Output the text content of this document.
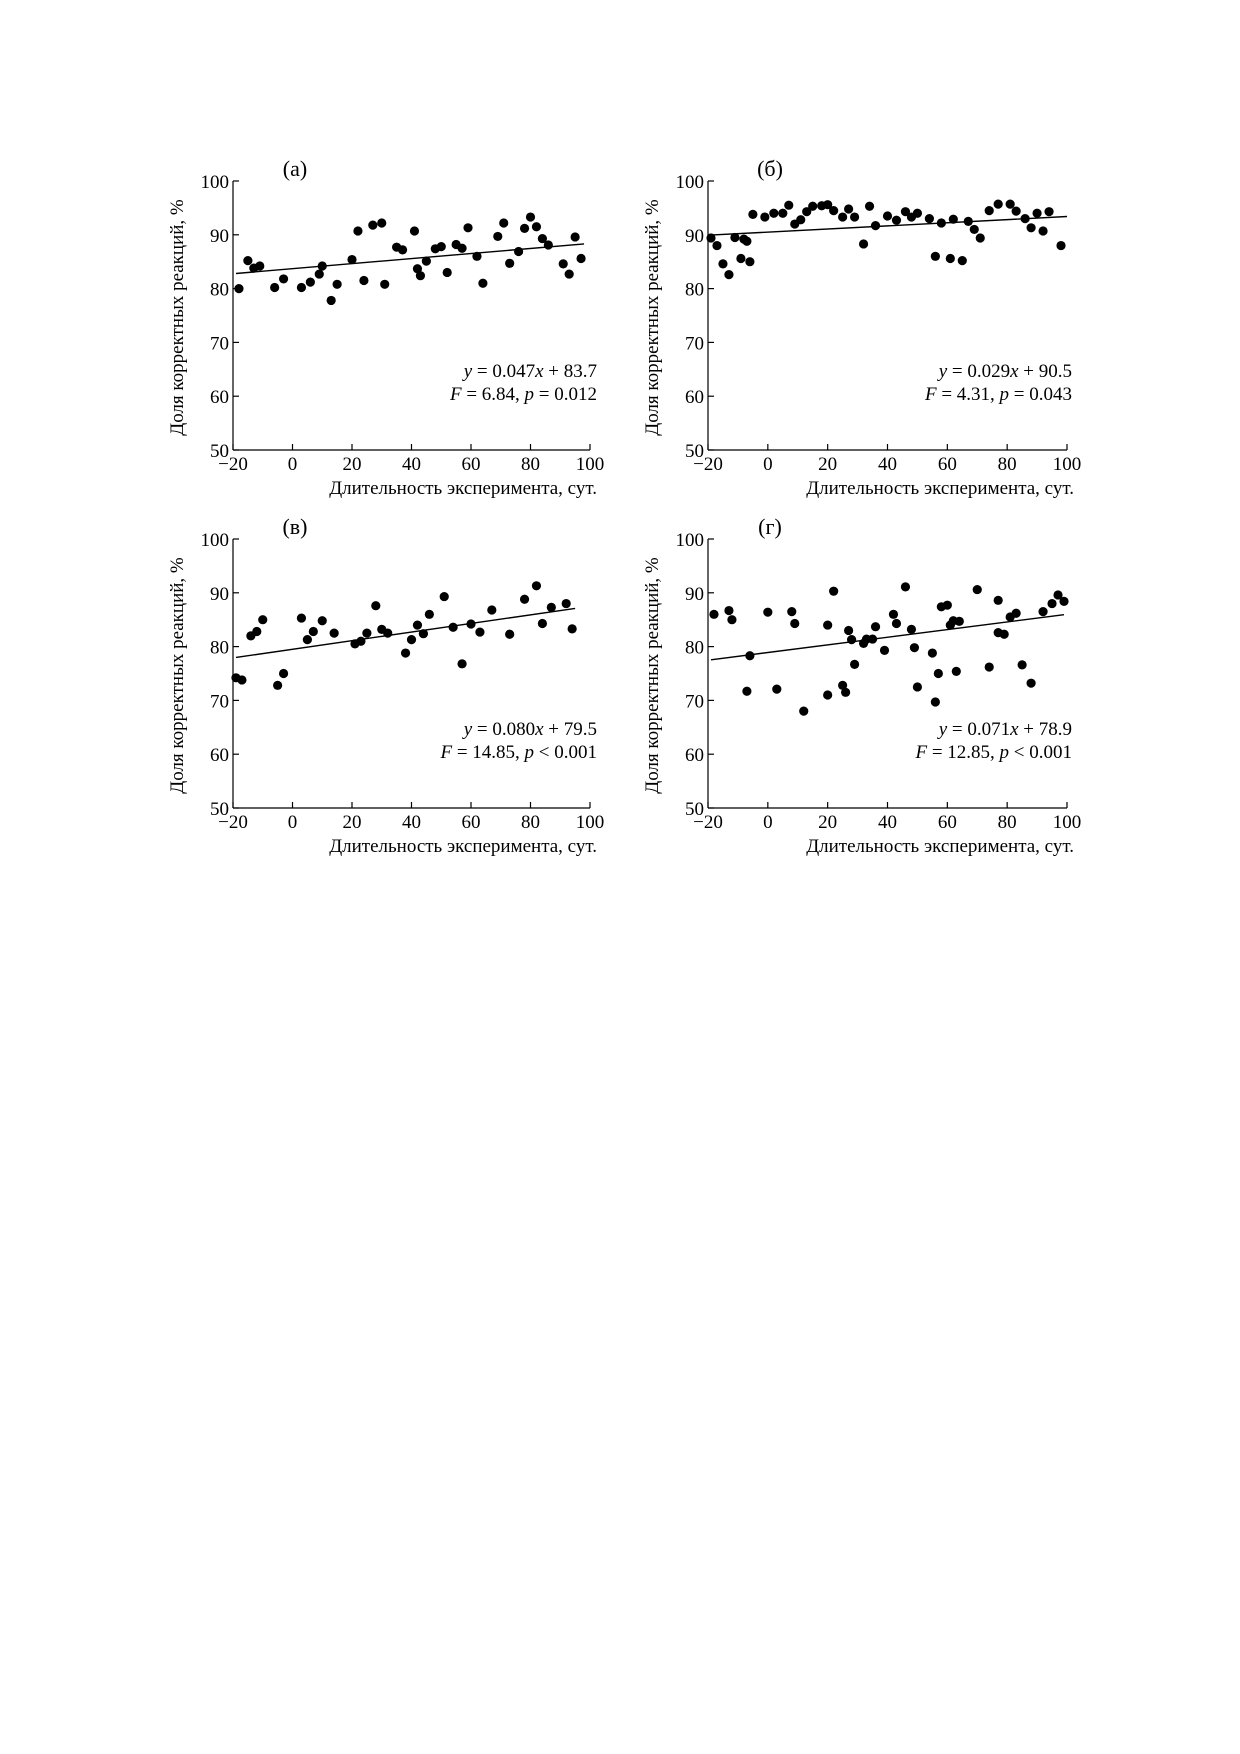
50
60
70
80
90
100
−20 0 20 40 60 80 100
Длительность эксперимента, сут.
Доля корректных реакций, %
(а)
y = 0.047x + 83.7
F = 6.84, p = 0.012
50
60
70
80
90
100
−20 0 20 40 60 80 100
Длительность эксперимента, сут.
Доля корректных реакций, %
(б)
y = 0.029x + 90.5
F = 4.31, p = 0.043
50
60
70
80
90
100
−20 0 20 40 60 80 100
Длительность эксперимента, сут.
Доля корректных реакций, %
(в)
y = 0.080x + 79.5
F = 14.85, p < 0.001
50
60
70
80
90
100
−20 0 20 40 60 80 100
Длительность эксперимента, сут.
Доля корректных реакций, %
(г)
y = 0.071x + 78.9
F = 12.85, p < 0.001
